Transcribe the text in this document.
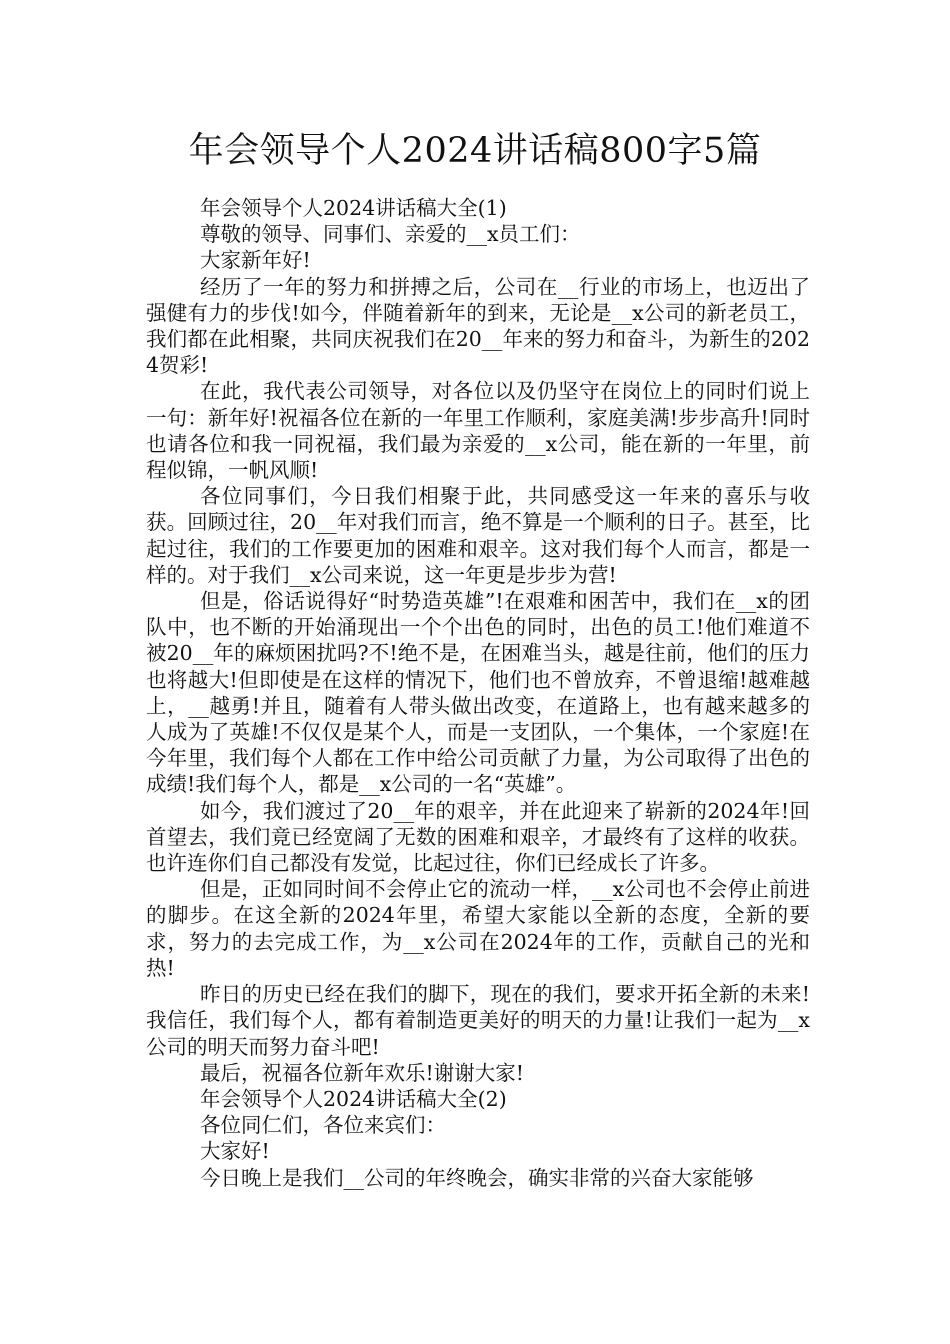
年会领导个人2024讲话稿800字5篇

年会领导个人2024讲话稿大全(1)

尊敬的领导、同事们、亲爱的__x员工们：

大家新年好!

经历了一年的努力和拼搏之后，公司在__行业的市场上，也迈出了强健有力的步伐!如今，伴随着新年的到来，无论是__x公司的新老员工，我们都在此相聚，共同庆祝我们在20__年来的努力和奋斗，为新生的2024贺彩!

在此，我代表公司领导，对各位以及仍坚守在岗位上的同时们说上一句：新年好!祝福各位在新的一年里工作顺利，家庭美满!步步高升!同时也请各位和我一同祝福，我们最为亲爱的__x公司，能在新的一年里，前程似锦，一帆风顺!

各位同事们，今日我们相聚于此，共同感受这一年来的喜乐与收获。回顾过往，20__年对我们而言，绝不算是一个顺利的日子。甚至，比起过往，我们的工作要更加的困难和艰辛。这对我们每个人而言，都是一样的。对于我们__x公司来说，这一年更是步步为营!

但是，俗话说得好“时势造英雄”!在艰难和困苦中，我们在__x的团队中，也不断的开始涌现出一个个出色的同时，出色的员工!他们难道不被20__年的麻烦困扰吗?不!绝不是，在困难当头，越是往前，他们的压力也将越大!但即使是在这样的情况下，他们也不曾放弃，不曾退缩!越难越上，__越勇!并且，随着有人带头做出改变，在道路上，也有越来越多的人成为了英雄!不仅仅是某个人，而是一支团队，一个集体，一个家庭!在今年里，我们每个人都在工作中给公司贡献了力量，为公司取得了出色的成绩!我们每个人，都是__x公司的一名“英雄”。

如今，我们渡过了20__年的艰辛，并在此迎来了崭新的2024年!回首望去，我们竟已经宽阔了无数的困难和艰辛，才最终有了这样的收获。也许连你们自己都没有发觉，比起过往，你们已经成长了许多。

但是，正如同时间不会停止它的流动一样，__x公司也不会停止前进的脚步。在这全新的2024年里，希望大家能以全新的态度，全新的要求，努力的去完成工作，为__x公司在2024年的工作，贡献自己的光和热!

昨日的历史已经在我们的脚下，现在的我们，要求开拓全新的未来!我信任，我们每个人，都有着制造更美好的明天的力量!让我们一起为__x公司的明天而努力奋斗吧!

最后，祝福各位新年欢乐!谢谢大家!

年会领导个人2024讲话稿大全(2)

各位同仁们，各位来宾们：

大家好!

今日晚上是我们__公司的年终晚会，确实非常的兴奋大家能够
